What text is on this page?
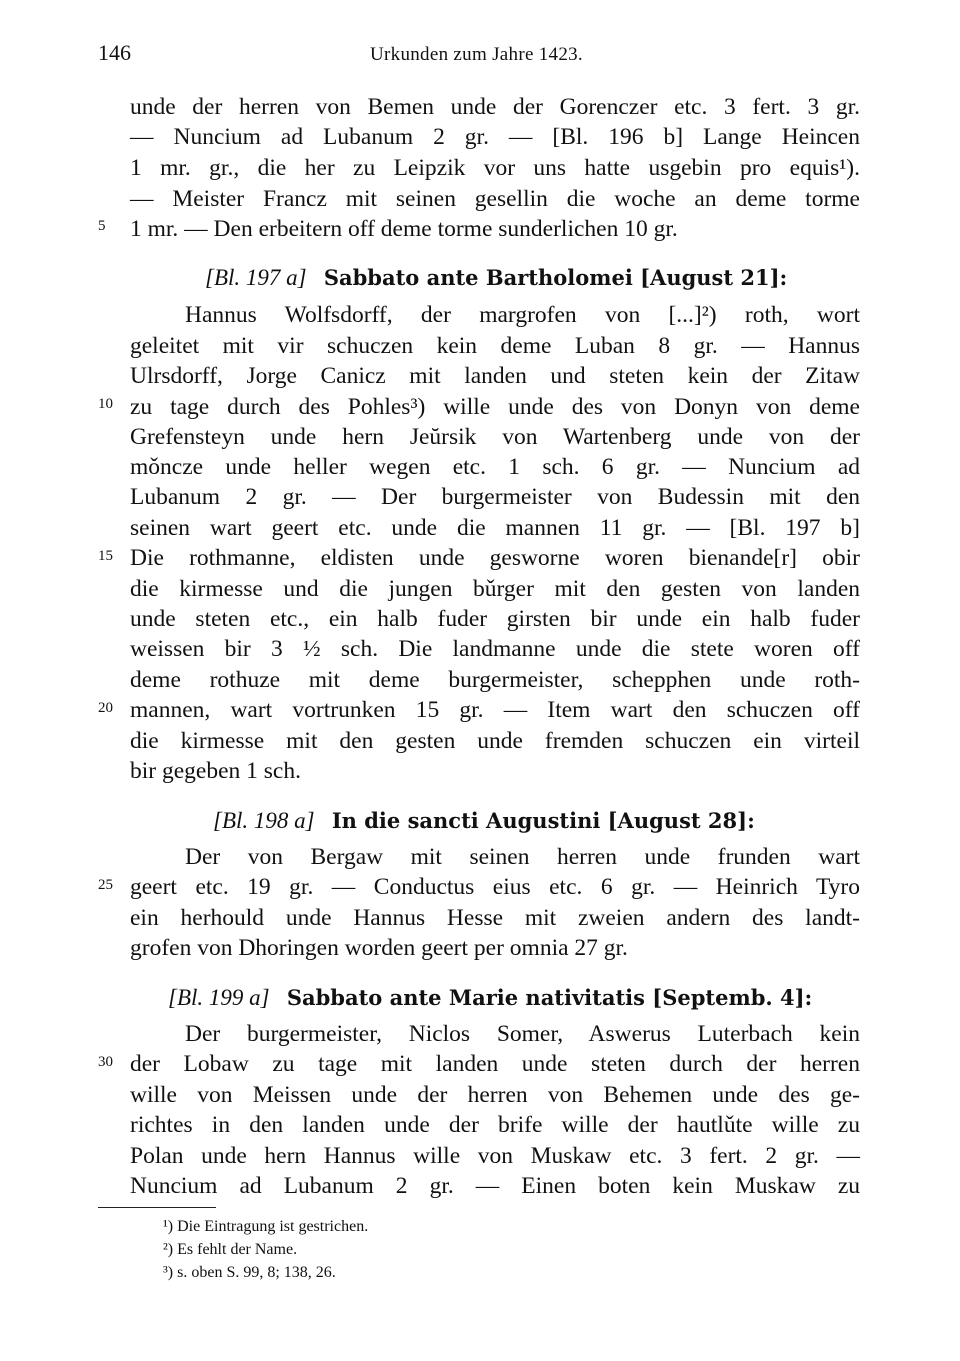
146	Urkunden zum Jahre 1423.
unde der herren von Bemen unde der Gorenczer etc. 3 fert. 3 gr.
— Nuncium ad Lubanum 2 gr. — [Bl. 196 b] Lange Heincen
1 mr. gr., die her zu Leipzik vor uns hatte usgebin pro equis¹).
— Meister Francz mit seinen gesellin die woche an deme torme
5 1 mr. — Den erbeitern off deme torme sunderlichen 10 gr.
[Bl. 197 a] Sabbato ante Bartholomei [August 21]:
Hannus Wolfsdorff, der margrofen von [...]²) roth, wort
geleitet mit vir schuczen kein deme Luban 8 gr. — Hannus
Ulrsdorff, Jorge Canicz mit landen und steten kein der Zitaw
10 zu tage durch des Pohles³) wille unde des von Donyn von deme
Grefensteyn unde hern Jeŭrsik von Wartenberg unde von der
mǒncze unde heller wegen etc. 1 sch. 6 gr. — Nuncium ad
Lubanum 2 gr. — Der burgermeister von Budessin mit den
seinen wart geert etc. unde die mannen 11 gr. — [Bl. 197 b]
15 Die rothmanne, eldisten unde gesworne woren bienande[r] obir
die kirmesse und die jungen bǔrger mit den gesten von landen
unde steten etc., ein halb fuder girsten bir unde ein halb fuder
weissen bir 3 ½ sch. Die landmanne unde die stete woren off
deme rothuze mit deme burgermeister, schepphen unde roth-
20 mannen, wart vortrunken 15 gr. — Item wart den schuczen off
die kirmesse mit den gesten unde fremden schuczen ein virteil
bir gegeben 1 sch.
[Bl. 198 a] In die sancti Augustini [August 28]:
Der von Bergaw mit seinen herren unde frunden wart
25 geert etc. 19 gr. — Conductus eius etc. 6 gr. — Heinrich Tyro
ein herhould unde Hannus Hesse mit zweien andern des landt-
grofen von Dhoringen worden geert per omnia 27 gr.
[Bl. 199 a] Sabbato ante Marie nativitatis [Septemb. 4]:
Der burgermeister, Niclos Somer, Aswerus Luterbach kein
30 der Lobaw zu tage mit landen unde steten durch der herren
wille von Meissen unde der herren von Behemen unde des ge-
richtes in den landen unde der brife wille der hautlǔte wille zu
Polan unde hern Hannus wille von Muskaw etc. 3 fert. 2 gr. —
Nuncium ad Lubanum 2 gr. — Einen boten kein Muskaw zu
¹) Die Eintragung ist gestrichen.
²) Es fehlt der Name.
³) s. oben S. 99, 8; 138, 26.
